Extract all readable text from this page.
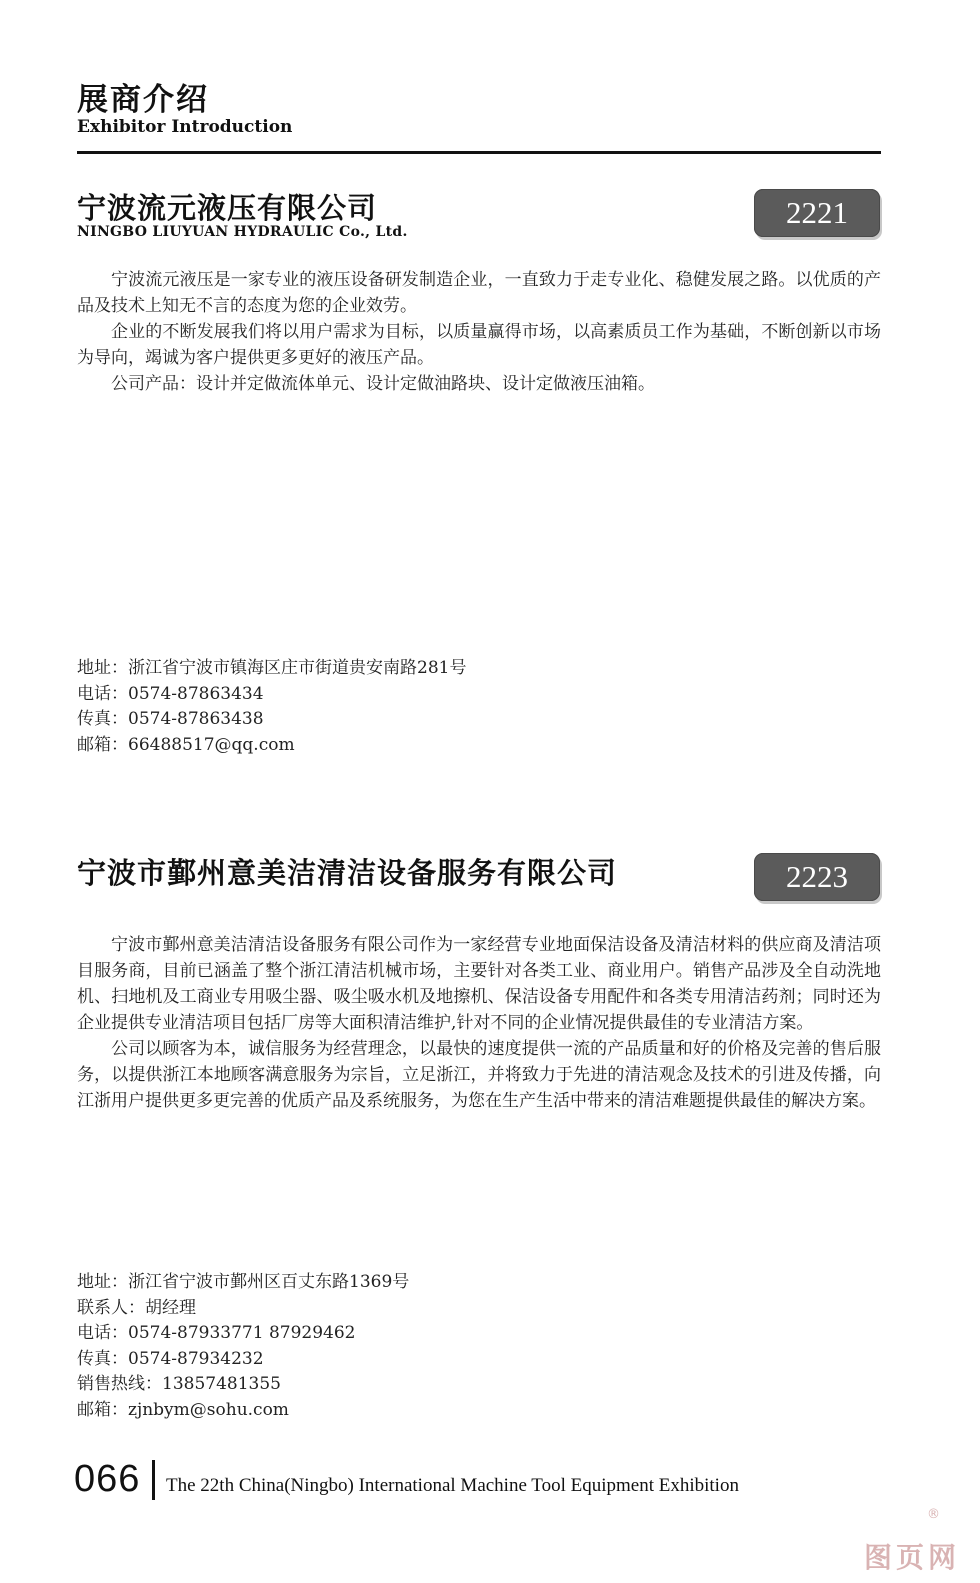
展商介绍
Exhibitor Introduction
宁波流元液压有限公司
NINGBO LIUYUAN HYDRAULIC Co., Ltd.
2221

宁波流元液压是一家专业的液压设备研发制造企业，一直致力于走专业化、稳健发展之路。以优质的产品及技术上知无不言的态度为您的企业效劳。

企业的不断发展我们将以用户需求为目标，以质量赢得市场，以高素质员工作为基础，不断创新以市场为导向，竭诚为客户提供更多更好的液压产品。

公司产品：设计并定做流体单元、设计定做油路块、设计定做液压油箱。

地址：浙江省宁波市镇海区庄市街道贵安南路281号
电话：0574-87863434
传真：0574-87863438
邮箱：66488517@qq.com
宁波市鄞州意美洁清洁设备服务有限公司	2223

宁波市鄞州意美洁清洁设备服务有限公司作为一家经营专业地面保洁设备及清洁材料的供应商及清洁项目服务商，目前已涵盖了整个浙江清洁机械市场，主要针对各类工业、商业用户。销售产品涉及全自动洗地机、扫地机及工商业专用吸尘器、吸尘吸水机及地擦机、保洁设备专用配件和各类专用清洁药剂；同时还为企业提供专业清洁项目包括厂房等大面积清洁维护,针对不同的企业情况提供最佳的专业清洁方案。

公司以顾客为本，诚信服务为经营理念，以最快的速度提供一流的产品质量和好的价格及完善的售后服务，以提供浙江本地顾客满意服务为宗旨，立足浙江，并将致力于先进的清洁观念及技术的引进及传播，向江浙用户提供更多更完善的优质产品及系统服务，为您在生产生活中带来的清洁难题提供最佳的解决方案。

地址：浙江省宁波市鄞州区百丈东路1369号
联系人：胡经理
电话：0574-87933771 87929462
传真：0574-87934232
销售热线：13857481355
邮箱：zjnbym@sohu.com
066 The 22th China(Ningbo) International Machine Tool Equipment Exhibition
®
图页网
